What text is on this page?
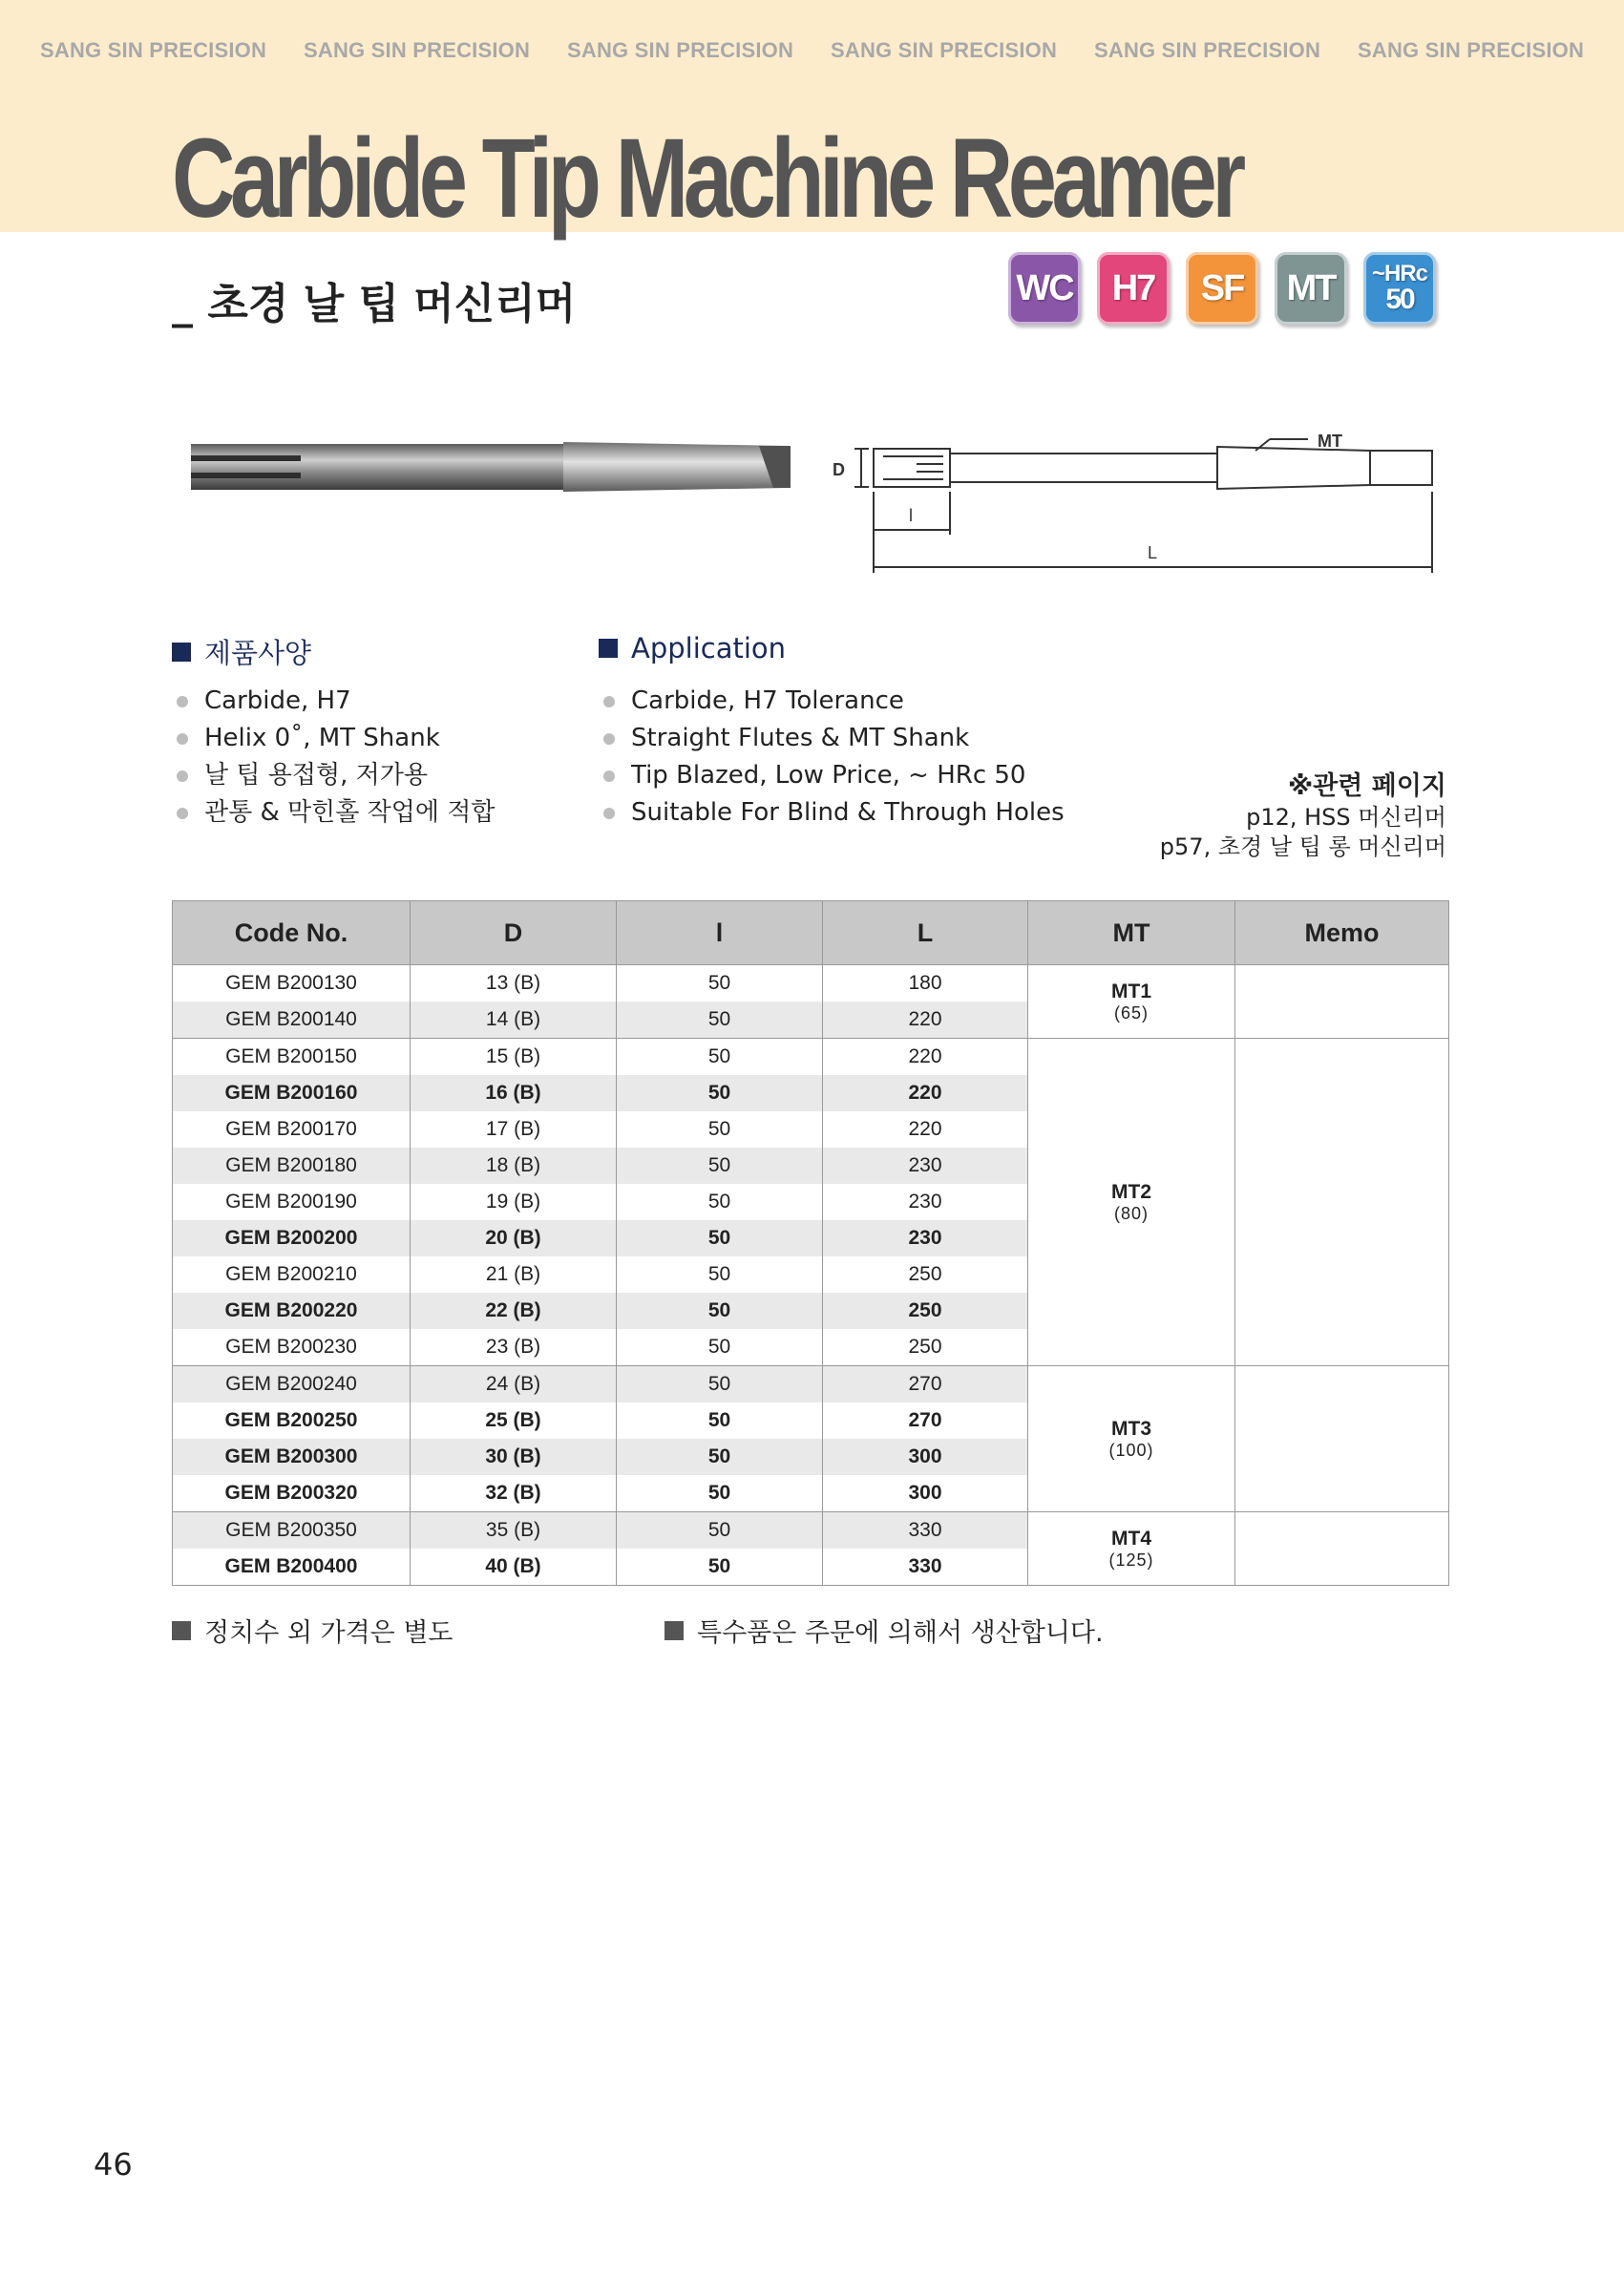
SANG SIN PRECISION	SANG SIN PRECISION	SANG SIN PRECISION	SANG SIN PRECISION	SANG SIN PRECISION	SANG SIN PRECISION
Carbide Tip Machine Reamer
_ 초경 날 팁 머신리머	WC H7 SF MT ~HRc
50
MT
D
l
L
제품사양
Carbide, H7
Helix 0˚, MT Shank
날 팁 용접형, 저가용
관통 & 막힌홀 작업에 적합
Application
Carbide, H7 Tolerance
Straight Flutes & MT Shank
Tip Blazed, Low Price, ~ HRc 50
Suitable For Blind & Through Holes
※관련 페이지
p12, HSS 머신리머
p57, 초경 날 팁 롱 머신리머
Code No.	D	l	L	MT	Memo
GEM B200130	13 (B)	50	180	MT1
(65)	

GEM B200140	14 (B)	50	220		
GEM B200150	15 (B)	50	220	MT2
(80)	

GEM B200160	16 (B)	50	220		
GEM B200170	17 (B)	50	220		
GEM B200180	18 (B)	50	230		
GEM B200190	19 (B)	50	230		
GEM B200200	20 (B)	50	230		
GEM B200210	21 (B)	50	250		
GEM B200220	22 (B)	50	250		
GEM B200230	23 (B)	50	250		
GEM B200240	24 (B)	50	270	MT3
(100)	

GEM B200250	25 (B)	50	270		
GEM B200300	30 (B)	50	300		
GEM B200320	32 (B)	50	300		
GEM B200350	35 (B)	50	330	MT4
(125)	

GEM B200400	40 (B)	50	330		
정치수 외 가격은 별도	특수품은 주문에 의해서 생산합니다.
46
